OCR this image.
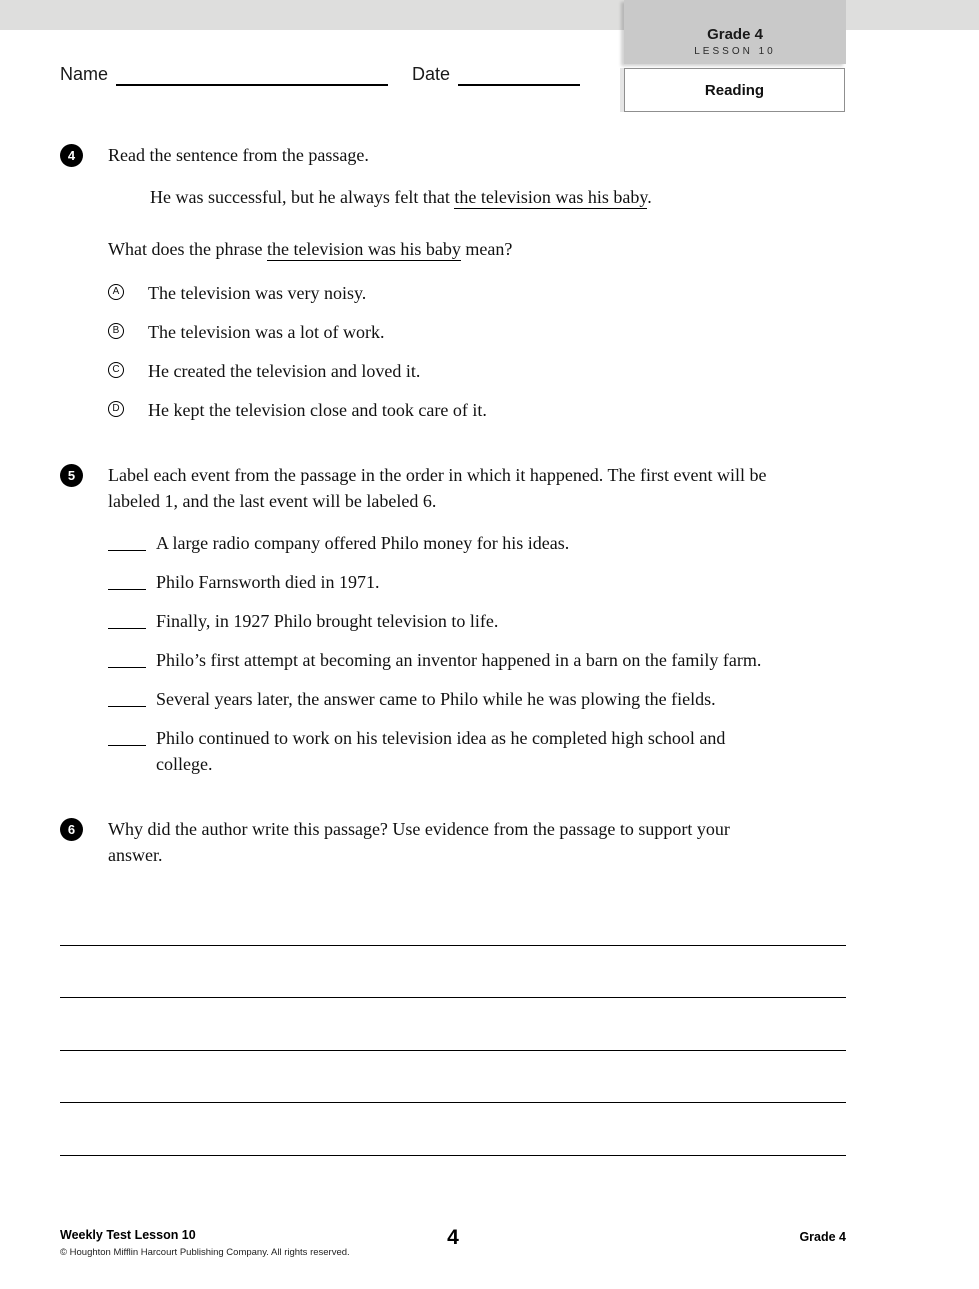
Grade 4
LESSON 10
Reading
Name	Date
4	Read the sentence from the passage.
He was successful, but he always felt that the television was his baby.
What does the phrase the television was his baby mean?
A The television was very noisy.
B The television was a lot of work.
C He created the television and loved it.
D He kept the television close and took care of it.
5	Label each event from the passage in the order in which it happened. The first event will be labeled 1, and the last event will be labeled 6.
A large radio company offered Philo money for his ideas.
Philo Farnsworth died in 1971.
Finally, in 1927 Philo brought television to life.
Philo’s first attempt at becoming an inventor happened in a barn on the family farm.
Several years later, the answer came to Philo while he was plowing the fields.
Philo continued to work on his television idea as he completed high school and college.
6	Why did the author write this passage? Use evidence from the passage to support your answer.
Weekly Test Lesson 10
© Houghton Mifflin Harcourt Publishing Company. All rights reserved.
4	Grade 4
